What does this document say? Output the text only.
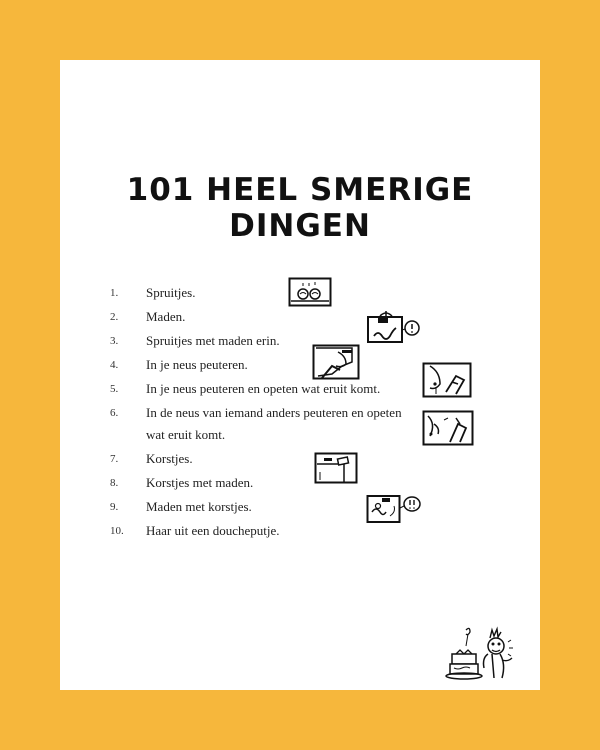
101 HEEL SMERIGE
DINGEN
1. Spruitjes.
2. Maden.
3. Spruitjes met maden erin.
4. In je neus peuteren.
5. In je neus peuteren en opeten wat eruit komt.
6. In de neus van iemand anders peuteren en opeten wat eruit komt.
7. Korstjes.
8. Korstjes met maden.
9. Maden met korstjes.
10. Haar uit een doucheputje.
